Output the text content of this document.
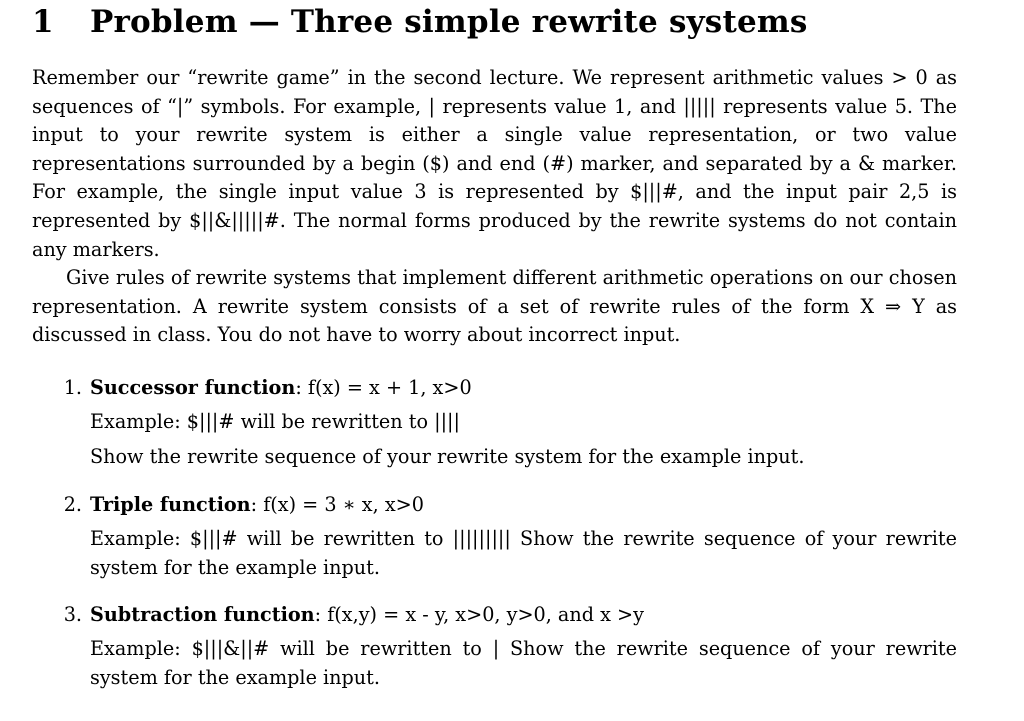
1 Problem — Three simple rewrite systems

Remember our “rewrite game” in the second lecture. We represent arithmetic values > 0 as sequences of “|” symbols. For example, | represents value 1, and ||||| represents value 5. The input to your rewrite system is either a single value representation, or two value representations surrounded by a begin ($) and end (#) marker, and separated by a & marker. For example, the single input value 3 is represented by $|||#, and the input pair 2,5 is represented by $||&|||||#. The normal forms produced by the rewrite systems do not contain any markers.

Give rules of rewrite systems that implement different arithmetic operations on our chosen representation. A rewrite system consists of a set of rewrite rules of the form X ⇒ Y as discussed in class. You do not have to worry about incorrect input.

1. Successor function: f(x) = x + 1, x>0
Example: $|||# will be rewritten to ||||
Show the rewrite sequence of your rewrite system for the example input.
2. Triple function: f(x) = 3 ∗ x, x>0
Example: $|||# will be rewritten to ||||||||| Show the rewrite sequence of your rewrite system for the example input.
3. Subtraction function: f(x,y) = x - y, x>0, y>0, and x >y
Example: $|||&||# will be rewritten to | Show the rewrite sequence of your rewrite system for the example input.
